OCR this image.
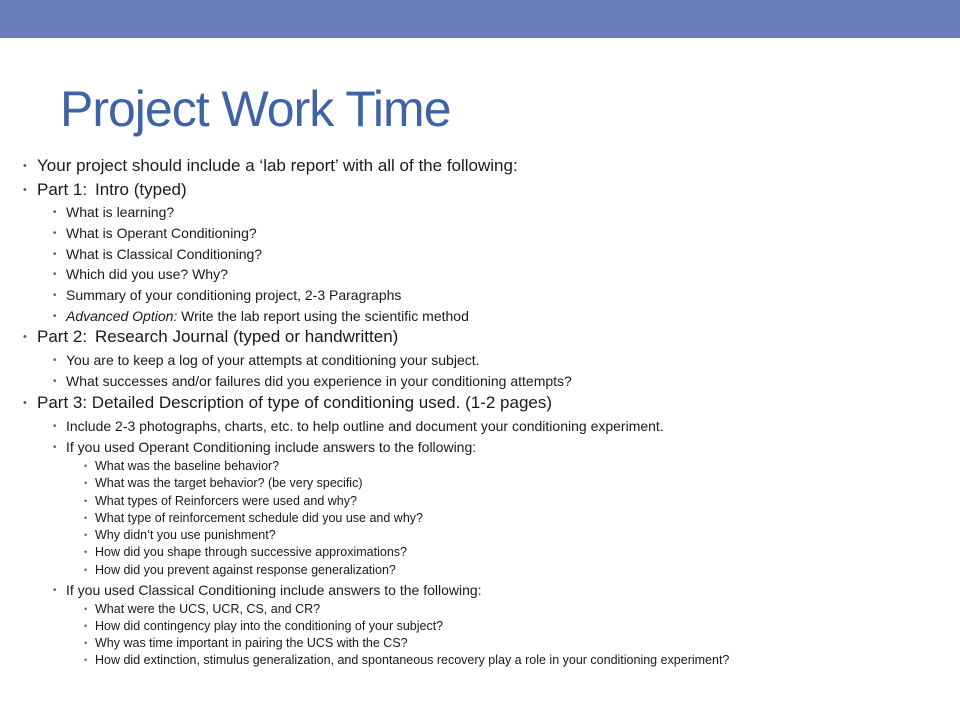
Project Work Time
• Your project should include a ‘lab report’ with all of the following:
• Part 1: Intro (typed)
• What is learning?
• What is Operant Conditioning?
• What is Classical Conditioning?
• Which did you use? Why?
• Summary of your conditioning project, 2-3 Paragraphs
• Advanced Option: Write the lab report using the scientific method
• Part 2: Research Journal (typed or handwritten)
• You are to keep a log of your attempts at conditioning your subject.
• What successes and/or failures did you experience in your conditioning attempts?
• Part 3: Detailed Description of type of conditioning used. (1-2 pages)
• Include 2-3 photographs, charts, etc. to help outline and document your conditioning experiment.
• If you used Operant Conditioning include answers to the following:
• What was the baseline behavior?
• What was the target behavior? (be very specific)
• What types of Reinforcers were used and why?
• What type of reinforcement schedule did you use and why?
• Why didn’t you use punishment?
• How did you shape through successive approximations?
• How did you prevent against response generalization?
• If you used Classical Conditioning include answers to the following:
• What were the UCS, UCR, CS, and CR?
• How did contingency play into the conditioning of your subject?
• Why was time important in pairing the UCS with the CS?
• How did extinction, stimulus generalization, and spontaneous recovery play a role in your conditioning experiment?
